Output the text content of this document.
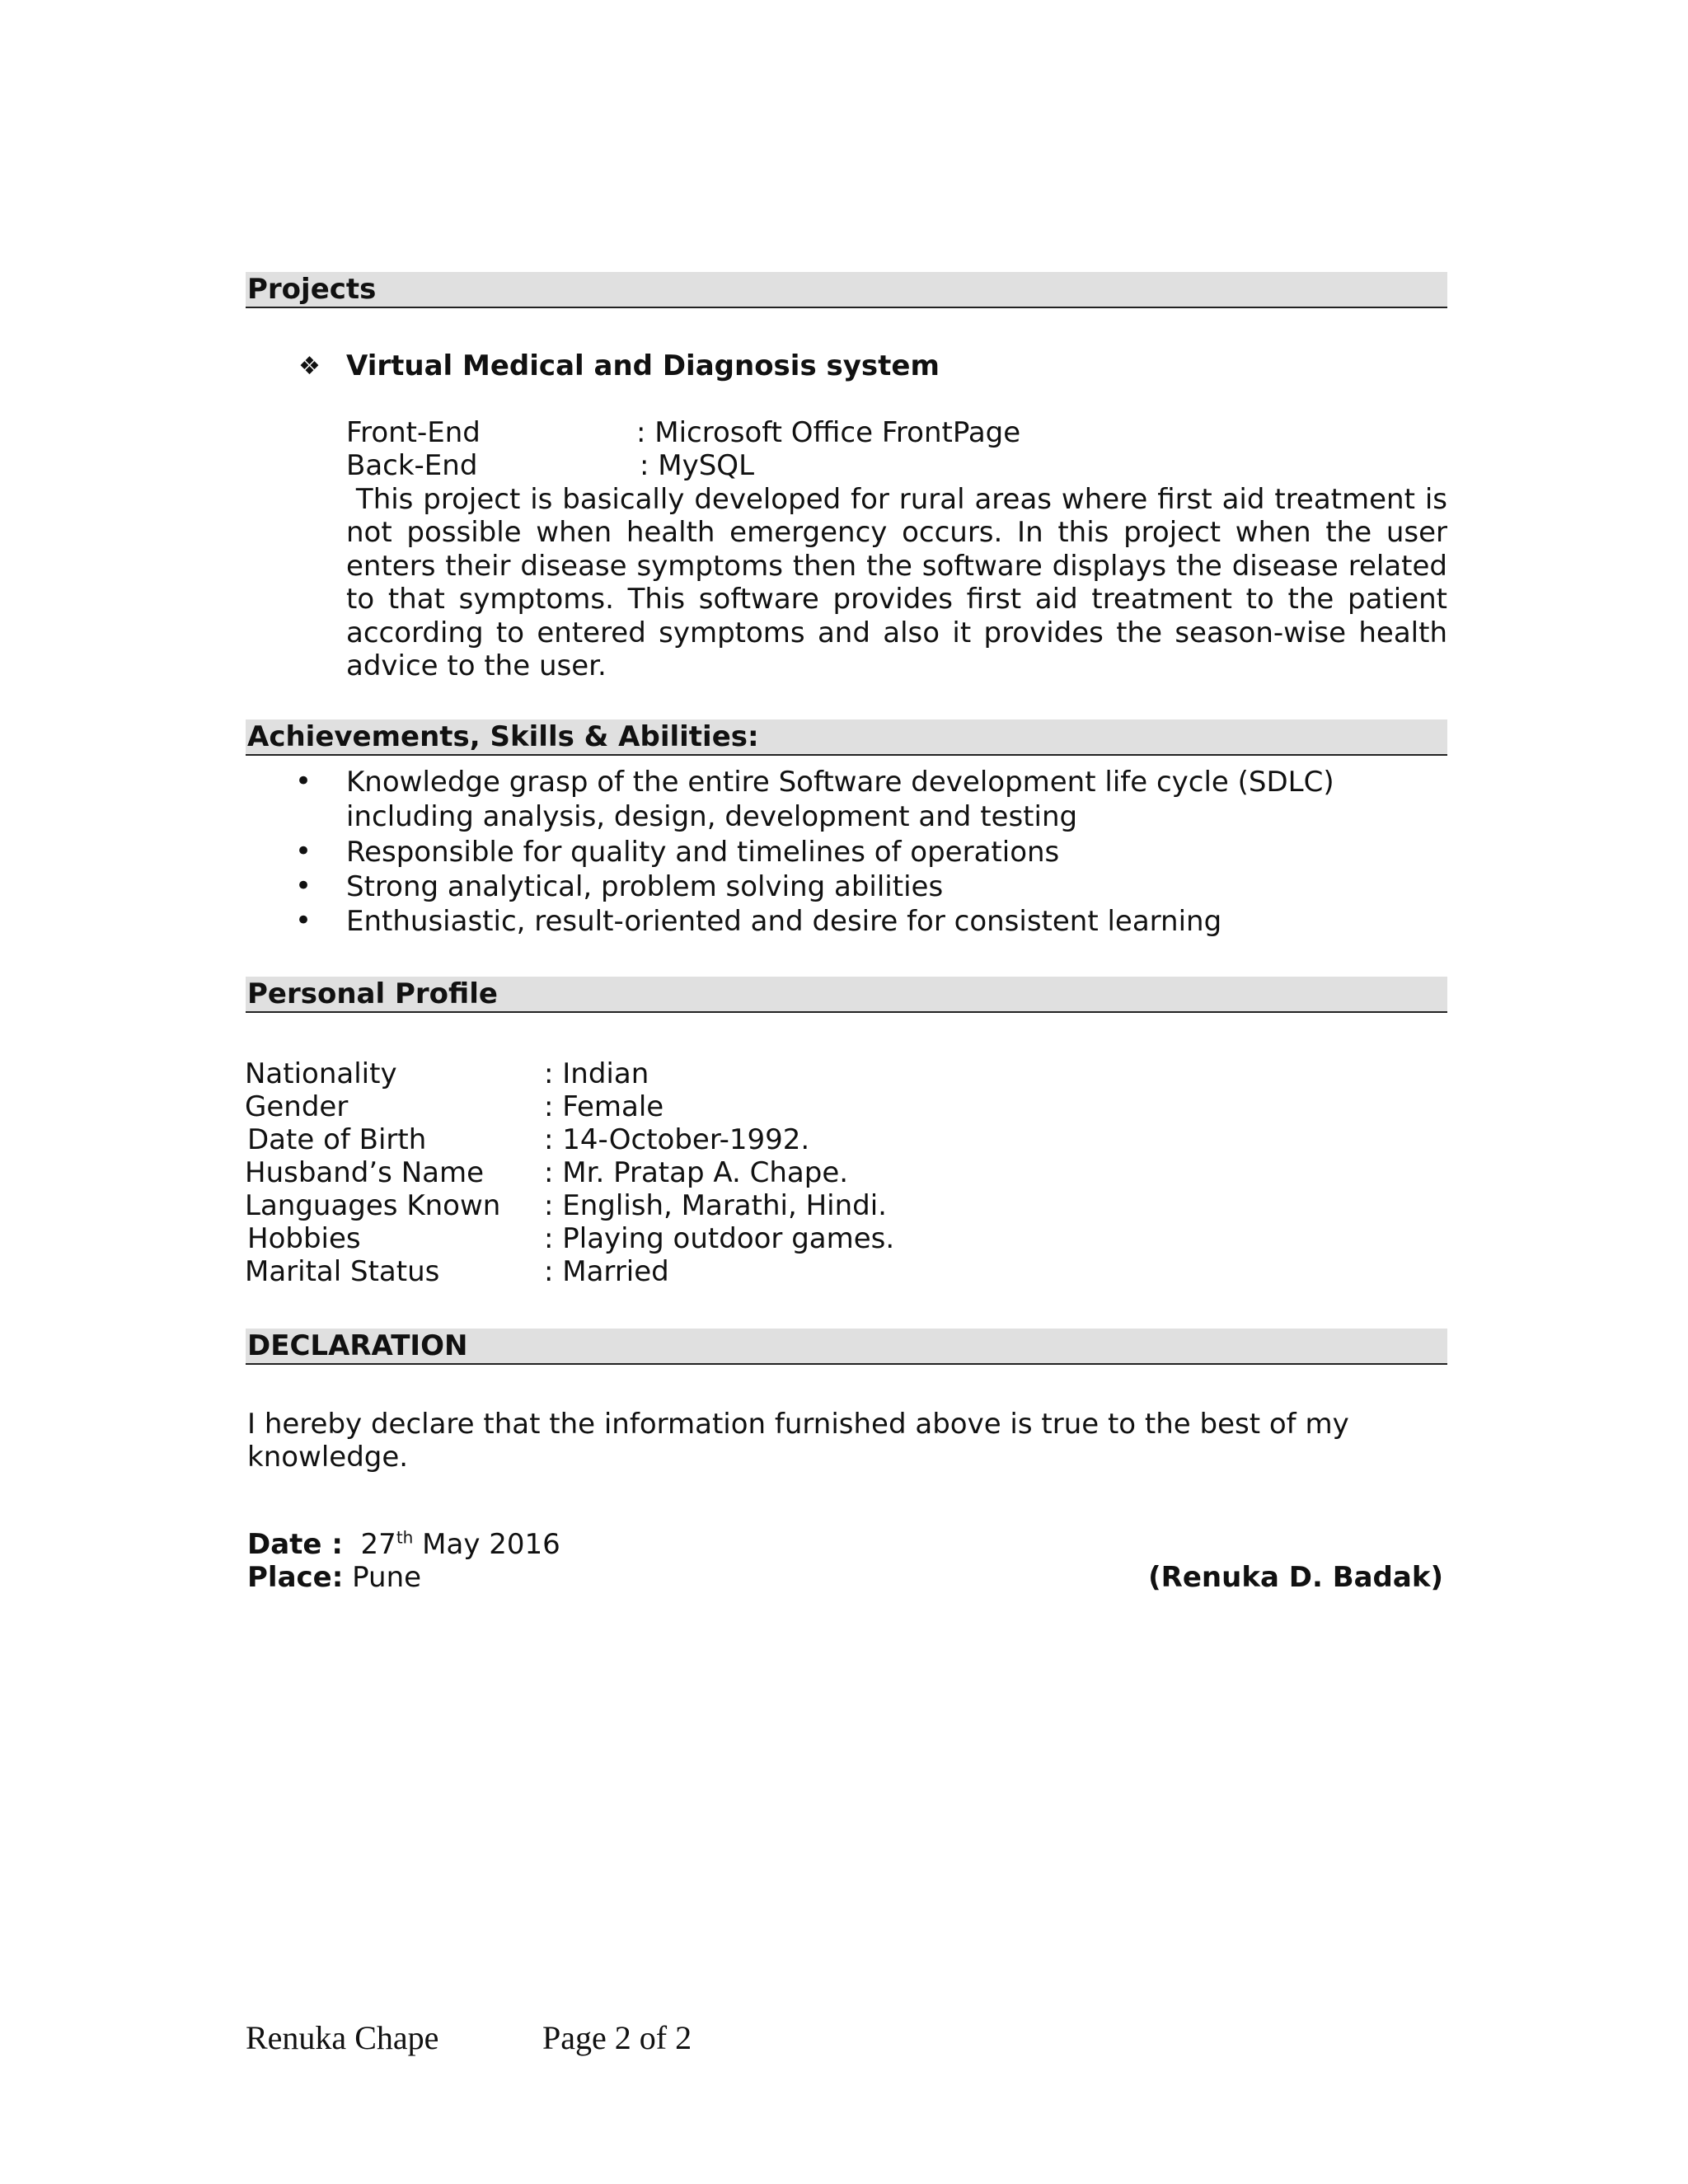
Projects
❖ Virtual Medical and Diagnosis system
Front-End	: Microsoft Office FrontPage
Back-End	: MySQL
This project is basically developed for rural areas where first aid treatment is not possible when health emergency occurs. In this project when the user enters their disease symptoms then the software displays the disease related to that symptoms. This software provides first aid treatment to the patient according to entered symptoms and also it provides the season-wise health advice to the user.
Achievements, Skills & Abilities:
• Knowledge grasp of the entire Software development life cycle (SDLC) including analysis, design, development and testing
• Responsible for quality and timelines of operations
• Strong analytical, problem solving abilities
• Enthusiastic, result-oriented and desire for consistent learning
Personal Profile
Nationality	: Indian
Gender	: Female
Date of Birth	: 14-October-1992.
Husband’s Name : Mr. Pratap A. Chape.
Languages Known : English, Marathi, Hindi.
Hobbies	: Playing outdoor games.
Marital Status	: Married
DECLARATION
I hereby declare that the information furnished above is true to the best of my knowledge.
Date : 27th May 2016
Place: Pune	(Renuka D. Badak)
Renuka Chape	Page 2 of 2
